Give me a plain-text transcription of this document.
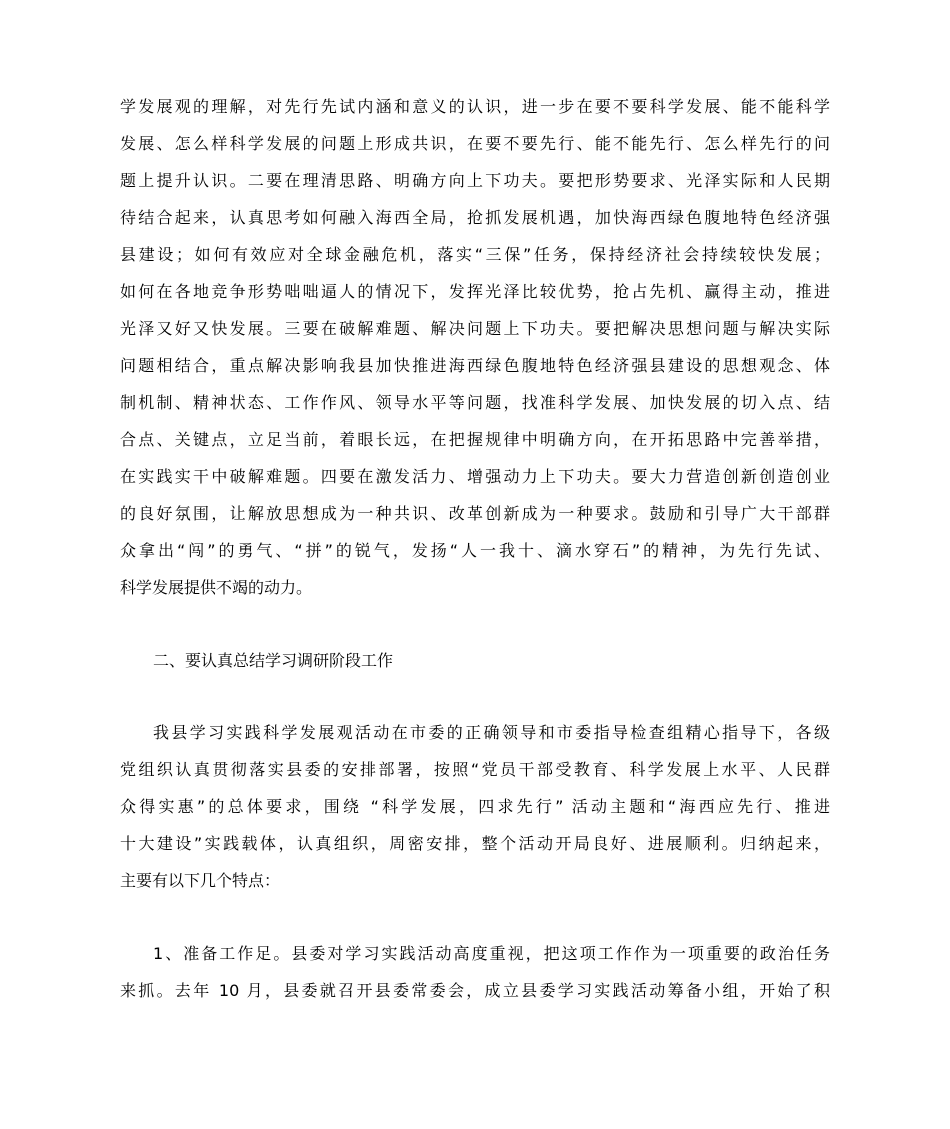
学发展观的理解，对先行先试内涵和意义的认识，进一步在要不要科学发展、能不能科学
发展、怎么样科学发展的问题上形成共识，在要不要先行、能不能先行、怎么样先行的问
题上提升认识。二要在理清思路、明确方向上下功夫。要把形势要求、光泽实际和人民期
待结合起来，认真思考如何融入海西全局，抢抓发展机遇，加快海西绿色腹地特色经济强
县建设；如何有效应对全球金融危机，落实“三保”任务，保持经济社会持续较快发展；
如何在各地竞争形势咄咄逼人的情况下，发挥光泽比较优势，抢占先机、赢得主动，推进
光泽又好又快发展。三要在破解难题、解决问题上下功夫。要把解决思想问题与解决实际
问题相结合，重点解决影响我县加快推进海西绿色腹地特色经济强县建设的思想观念、体
制机制、精神状态、工作作风、领导水平等问题，找准科学发展、加快发展的切入点、结
合点、关键点，立足当前，着眼长远，在把握规律中明确方向，在开拓思路中完善举措，
在实践实干中破解难题。四要在激发活力、增强动力上下功夫。要大力营造创新创造创业
的良好氛围，让解放思想成为一种共识、改革创新成为一种要求。鼓励和引导广大干部群
众拿出“闯”的勇气、“拼”的锐气，发扬“人一我十、滴水穿石”的精神，为先行先试、
科学发展提供不竭的动力。
二、要认真总结学习调研阶段工作
我县学习实践科学发展观活动在市委的正确领导和市委指导检查组精心指导下，各级
党组织认真贯彻落实县委的安排部署，按照“党员干部受教育、科学发展上水平、人民群
众得实惠”的总体要求，围绕 “科学发展，四求先行” 活动主题和“海西应先行、推进
十大建设”实践载体，认真组织，周密安排，整个活动开局良好、进展顺利。归纳起来，
主要有以下几个特点：
1、准备工作足。县委对学习实践活动高度重视，把这项工作作为一项重要的政治任务
来抓。去年 10 月，县委就召开县委常委会，成立县委学习实践活动筹备小组，开始了积
